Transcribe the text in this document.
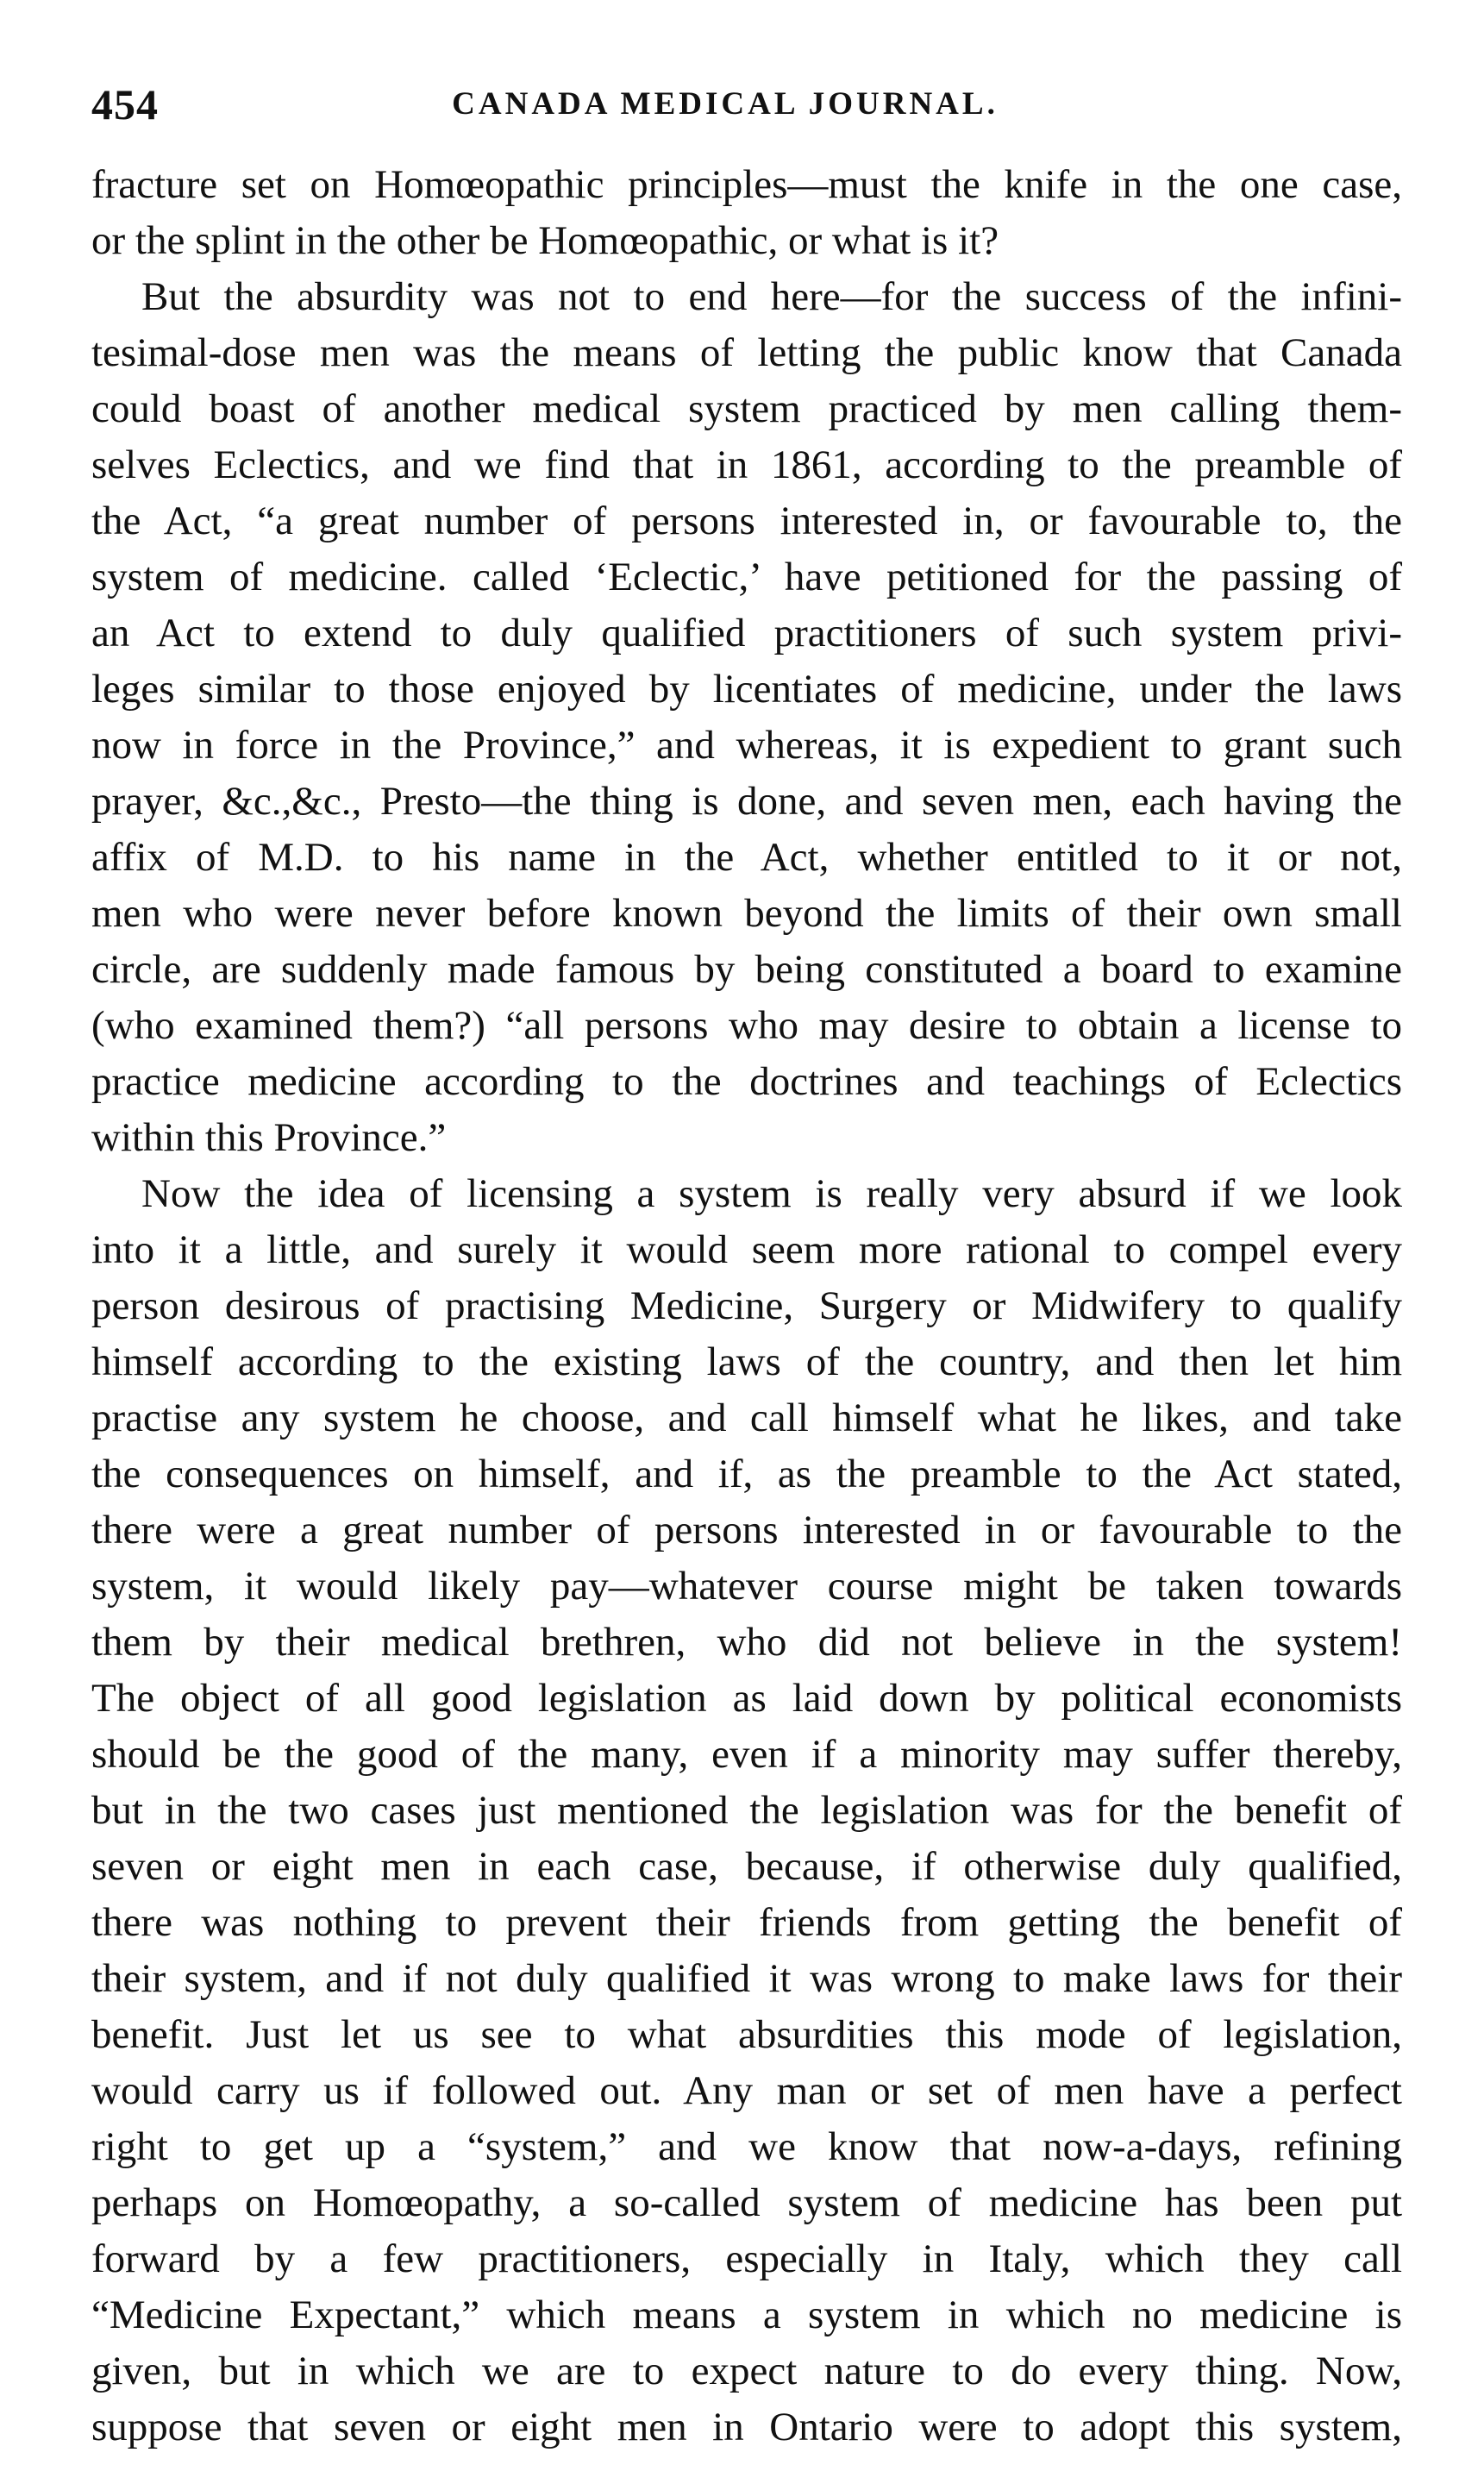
454	CANADA MEDICAL JOURNAL.
fracture set on Homœopathic principles—must the knife in the one case,
or the splint in the other be Homœopathic, or what is it?
But the absurdity was not to end here—for the success of the infini-
tesimal-dose men was the means of letting the public know that Canada
could boast of another medical system practiced by men calling them-
selves Eclectics, and we find that in 1861, according to the preamble of
the Act, “a great number of persons interested in, or favourable to, the
system of medicine. called ‘Eclectic,’ have petitioned for the passing of
an Act to extend to duly qualified practitioners of such system privi-
leges similar to those enjoyed by licentiates of medicine, under the laws
now in force in the Province,” and whereas, it is expedient to grant such
prayer, &c.,&c., Presto—the thing is done, and seven men, each having the
affix of M.D. to his name in the Act, whether entitled to it or not,
men who were never before known beyond the limits of their own small
circle, are suddenly made famous by being constituted a board to examine
(who examined them?) “all persons who may desire to obtain a license to
practice medicine according to the doctrines and teachings of Eclectics
within this Province.”
Now the idea of licensing a system is really very absurd if we look
into it a little, and surely it would seem more rational to compel every
person desirous of practising Medicine, Surgery or Midwifery to qualify
himself according to the existing laws of the country, and then let him
practise any system he choose, and call himself what he likes, and take
the consequences on himself, and if, as the preamble to the Act stated,
there were a great number of persons interested in or favourable to the
system, it would likely pay—whatever course might be taken towards
them by their medical brethren, who did not believe in the system!
The object of all good legislation as laid down by political economists
should be the good of the many, even if a minority may suffer thereby,
but in the two cases just mentioned the legislation was for the benefit of
seven or eight men in each case, because, if otherwise duly qualified,
there was nothing to prevent their friends from getting the benefit of
their system, and if not duly qualified it was wrong to make laws for their
benefit. Just let us see to what absurdities this mode of legislation,
would carry us if followed out. Any man or set of men have a perfect
right to get up a “system,” and we know that now-a-days, refining
perhaps on Homœopathy, a so-called system of medicine has been put
forward by a few practitioners, especially in Italy, which they call
“Medicine Expectant,” which means a system in which no medicine is
given, but in which we are to expect nature to do every thing. Now,
suppose that seven or eight men in Ontario were to adopt this system,
